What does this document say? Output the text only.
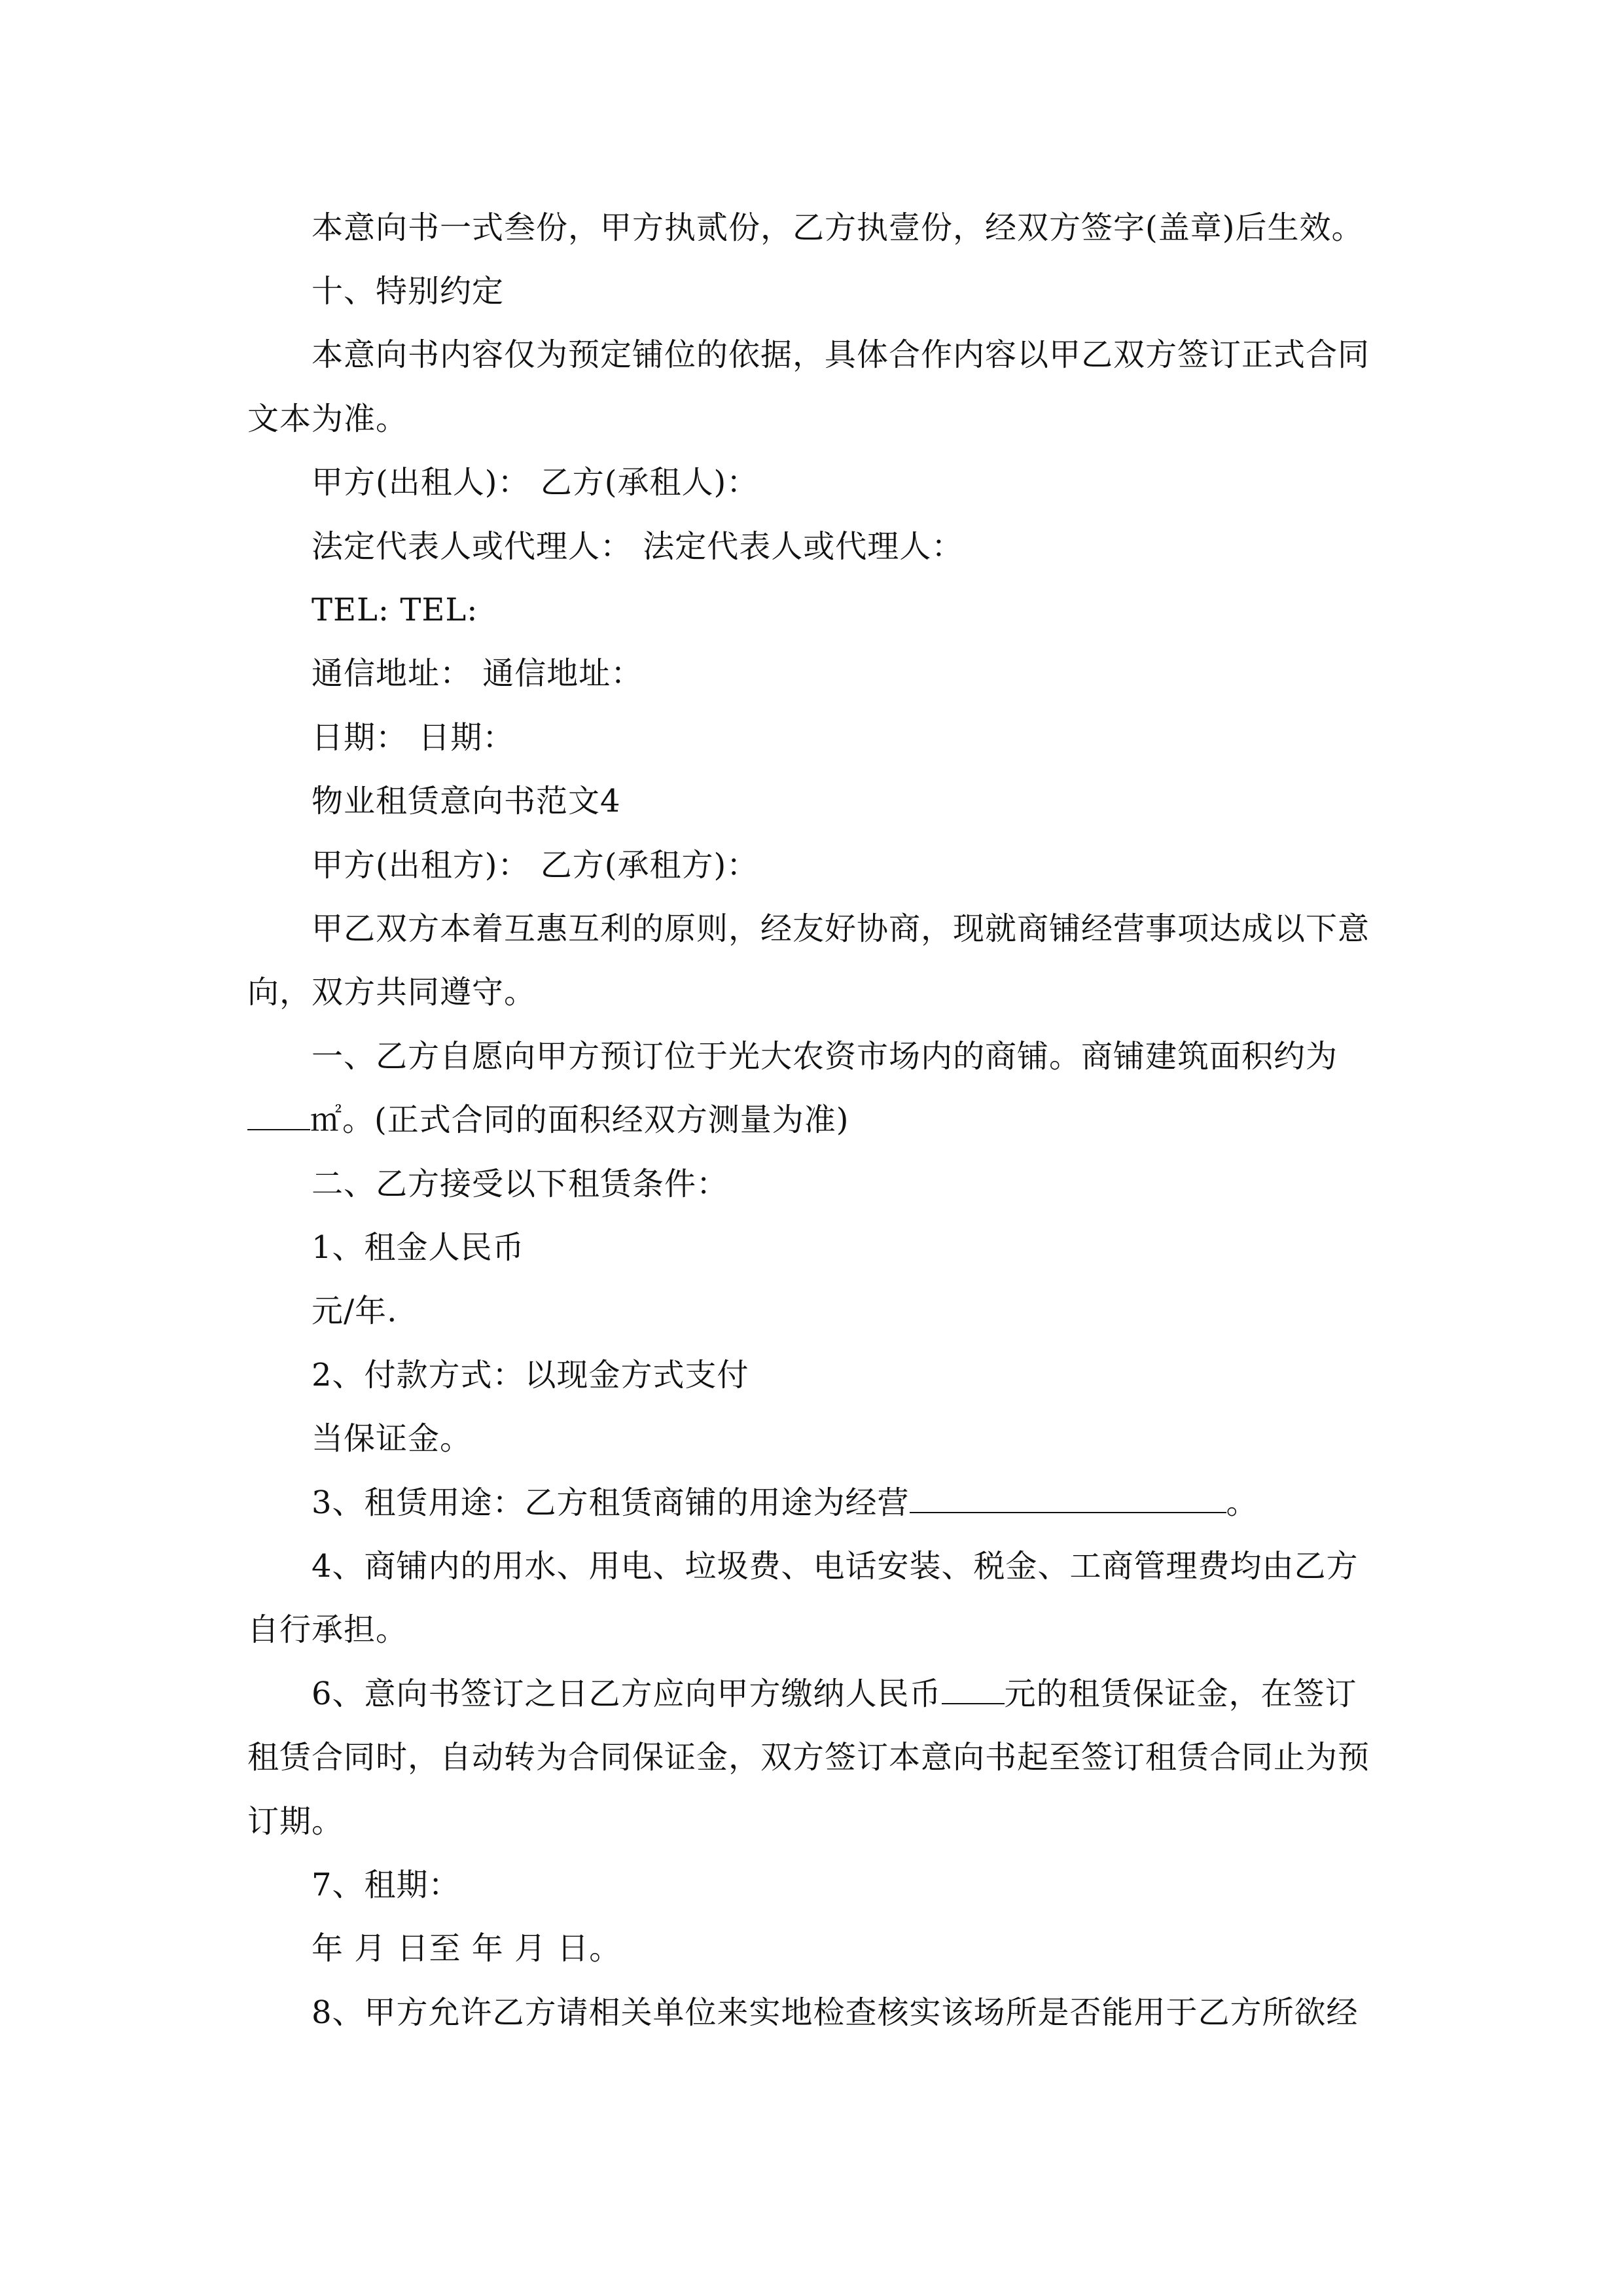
本意向书一式叁份，甲方执贰份，乙方执壹份，经双方签字(盖章)后生效。
十、特别约定
本意向书内容仅为预定铺位的依据，具体合作内容以甲乙双方签订正式合同
文本为准。
甲方(出租人)： 乙方(承租人)：
法定代表人或代理人： 法定代表人或代理人：
TEL: TEL:
通信地址： 通信地址：
日期： 日期：
物业租赁意向书范文4
甲方(出租方)： 乙方(承租方)：
甲乙双方本着互惠互利的原则，经友好协商，现就商铺经营事项达成以下意
向，双方共同遵守。
一、乙方自愿向甲方预订位于光大农资市场内的商铺。商铺建筑面积约为
㎡。(正式合同的面积经双方测量为准)
二、乙方接受以下租赁条件：
1、租金人民币
元/年.
2、付款方式：以现金方式支付
当保证金。
3、租赁用途：乙方租赁商铺的用途为经营	。
4、商铺内的用水、用电、垃圾费、电话安装、税金、工商管理费均由乙方
自行承担。
6、意向书签订之日乙方应向甲方缴纳人民币 元的租赁保证金，在签订
租赁合同时，自动转为合同保证金，双方签订本意向书起至签订租赁合同止为预
订期。
7、租期：
年 月 日至 年 月 日。
8、甲方允许乙方请相关单位来实地检查核实该场所是否能用于乙方所欲经
